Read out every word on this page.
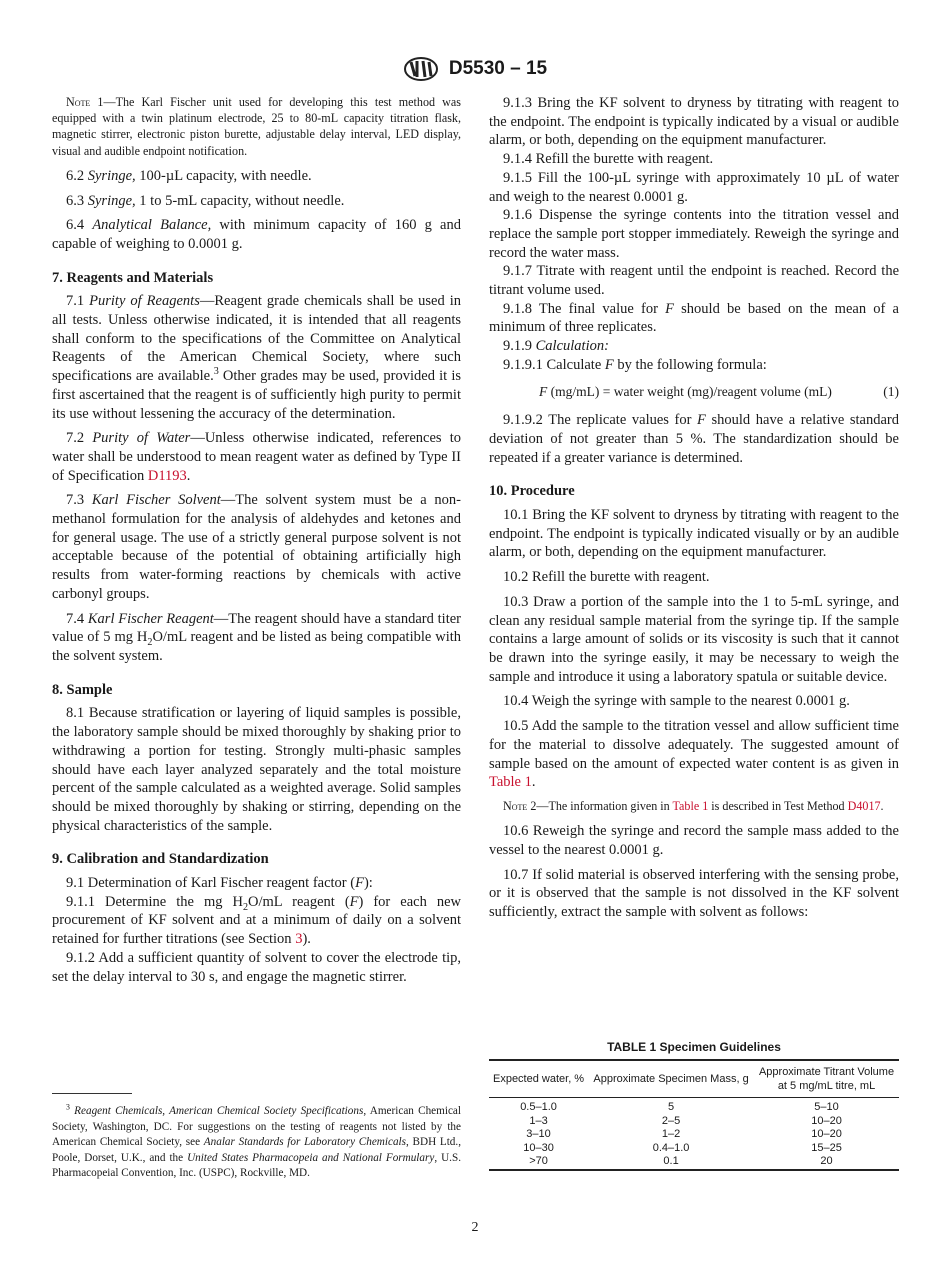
D5530 – 15
Note 1—The Karl Fischer unit used for developing this test method was equipped with a twin platinum electrode, 25 to 80-mL capacity titration flask, magnetic stirrer, electronic piston burette, adjustable delay interval, LED display, visual and audible endpoint notification.
6.2 Syringe, 100-µL capacity, with needle.
6.3 Syringe, 1 to 5-mL capacity, without needle.
6.4 Analytical Balance, with minimum capacity of 160 g and capable of weighing to 0.0001 g.
7. Reagents and Materials
7.1 Purity of Reagents—Reagent grade chemicals shall be used in all tests. Unless otherwise indicated, it is intended that all reagents shall conform to the specifications of the Committee on Analytical Reagents of the American Chemical Society, where such specifications are available.$^3$ Other grades may be used, provided it is first ascertained that the reagent is of sufficiently high purity to permit its use without lessening the accuracy of the determination.
7.2 Purity of Water—Unless otherwise indicated, references to water shall be understood to mean reagent water as defined by Type II of Specification D1193.
7.3 Karl Fischer Solvent—The solvent system must be a non-methanol formulation for the analysis of aldehydes and ketones and for general usage. The use of a strictly general purpose solvent is not acceptable because of the potential of obtaining artificially high results from water-forming reactions by chemicals with active carbonyl groups.
7.4 Karl Fischer Reagent—The reagent should have a standard titer value of 5 mg $H_2O/mL$ reagent and be listed as being compatible with the solvent system.
8. Sample
8.1 Because stratification or layering of liquid samples is possible, the laboratory sample should be mixed thoroughly by shaking prior to withdrawing a portion for testing. Strongly multi-phasic samples should have each layer analyzed separately and the total moisture percent of the sample calculated as a weighted average. Solid samples should be mixed thoroughly by shaking or stirring, depending on the physical characteristics of the sample.
9. Calibration and Standardization
9.1 Determination of Karl Fischer reagent factor (F):
9.1.1 Determine the mg $H_2O/mL$ reagent (F) for each new procurement of KF solvent and at a minimum of daily on a solvent retained for further titrations (see Section 3).
9.1.2 Add a sufficient quantity of solvent to cover the electrode tip, set the delay interval to 30 s, and engage the magnetic stirrer.
9.1.3 Bring the KF solvent to dryness by titrating with reagent to the endpoint. The endpoint is typically indicated by a visual or audible alarm, or both, depending on the equipment manufacturer.
9.1.4 Refill the burette with reagent.
9.1.5 Fill the 100-µL syringe with approximately 10 µL of water and weigh to the nearest 0.0001 g.
9.1.6 Dispense the syringe contents into the titration vessel and replace the sample port stopper immediately. Reweigh the syringe and record the water mass.
9.1.7 Titrate with reagent until the endpoint is reached. Record the titrant volume used.
9.1.8 The final value for F should be based on the mean of a minimum of three replicates.
9.1.9 Calculation:
9.1.9.1 Calculate F by the following formula:
F (mg/mL) = water weight (mg)/reagent volume (mL)	(1)
9.1.9.2 The replicate values for F should have a relative standard deviation of not greater than 5 %. The standardization should be repeated if a greater variance is determined.
10. Procedure
10.1 Bring the KF solvent to dryness by titrating with reagent to the endpoint. The endpoint is typically indicated visually or by an audible alarm, or both, depending on the equipment manufacturer.
10.2 Refill the burette with reagent.
10.3 Draw a portion of the sample into the 1 to 5-mL syringe, and clean any residual sample material from the syringe tip. If the sample contains a large amount of solids or its viscosity is such that it cannot be drawn into the syringe easily, it may be necessary to weigh the sample and introduce it using a laboratory spatula or suitable device.
10.4 Weigh the syringe with sample to the nearest 0.0001 g.
10.5 Add the sample to the titration vessel and allow sufficient time for the material to dissolve adequately. The suggested amount of sample based on the amount of expected water content is as given in Table 1.
Note 2—The information given in Table 1 is described in Test Method D4017.
10.6 Reweigh the syringe and record the sample mass added to the vessel to the nearest 0.0001 g.
10.7 If solid material is observed interfering with the sensing probe, or it is observed that the sample is not dissolved in the KF solvent sufficiently, extract the sample with solvent as follows:
$^3$ Reagent Chemicals, American Chemical Society Specifications, American Chemical Society, Washington, DC. For suggestions on the testing of reagents not listed by the American Chemical Society, see Analar Standards for Laboratory Chemicals, BDH Ltd., Poole, Dorset, U.K., and the United States Pharmacopeia and National Formulary, U.S. Pharmacopeial Convention, Inc. (USPC), Rockville, MD.
TABLE 1 Specimen Guidelines
Expected water, %	Approximate Specimen Mass, g	Approximate Titrant Volume
at 5 mg/mL titre, mL
0.5–1.0	5	5–10
1–3	2–5	10–20
3–10	1–2	10–20
10–30	0.4–1.0	15–25
>70	0.1	20
2
